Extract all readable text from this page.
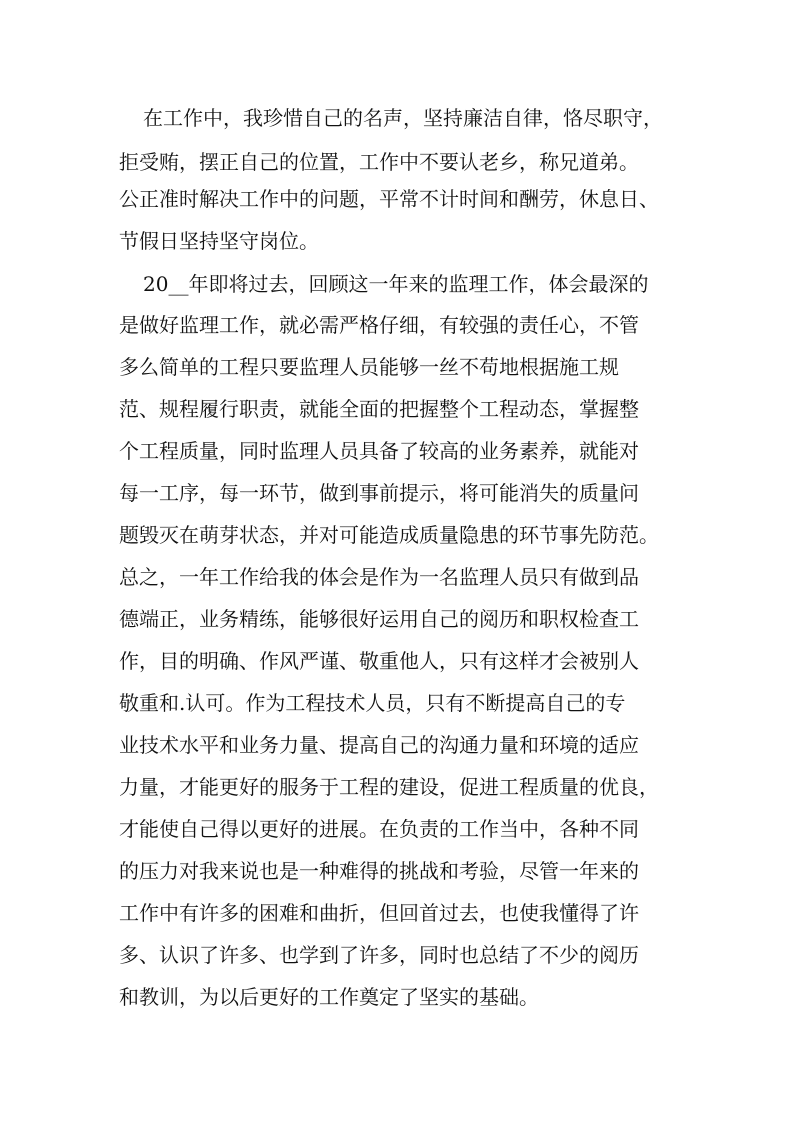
在工作中，我珍惜自己的名声，坚持廉洁自律，恪尽职守，
拒受贿，摆正自己的位置，工作中不要认老乡，称兄道弟。
公正准时解决工作中的问题，平常不计时间和酬劳，休息日、
节假日坚持坚守岗位。
20__年即将过去，回顾这一年来的监理工作，体会最深的
是做好监理工作，就必需严格仔细，有较强的责任心，不管
多么简单的工程只要监理人员能够一丝不苟地根据施工规
范、规程履行职责，就能全面的把握整个工程动态，掌握整
个工程质量，同时监理人员具备了较高的业务素养，就能对
每一工序，每一环节，做到事前提示，将可能消失的质量问
题毁灭在萌芽状态，并对可能造成质量隐患的环节事先防范。
总之，一年工作给我的体会是作为一名监理人员只有做到品
德端正，业务精练，能够很好运用自己的阅历和职权检查工
作，目的明确、作风严谨、敬重他人，只有这样才会被别人
敬重和.认可。作为工程技术人员，只有不断提高自己的专
业技术水平和业务力量、提高自己的沟通力量和环境的适应
力量，才能更好的服务于工程的建设，促进工程质量的优良，
才能使自己得以更好的进展。在负责的工作当中，各种不同
的压力对我来说也是一种难得的挑战和考验，尽管一年来的
工作中有许多的困难和曲折，但回首过去，也使我懂得了许
多、认识了许多、也学到了许多，同时也总结了不少的阅历
和教训，为以后更好的工作奠定了坚实的基础。
